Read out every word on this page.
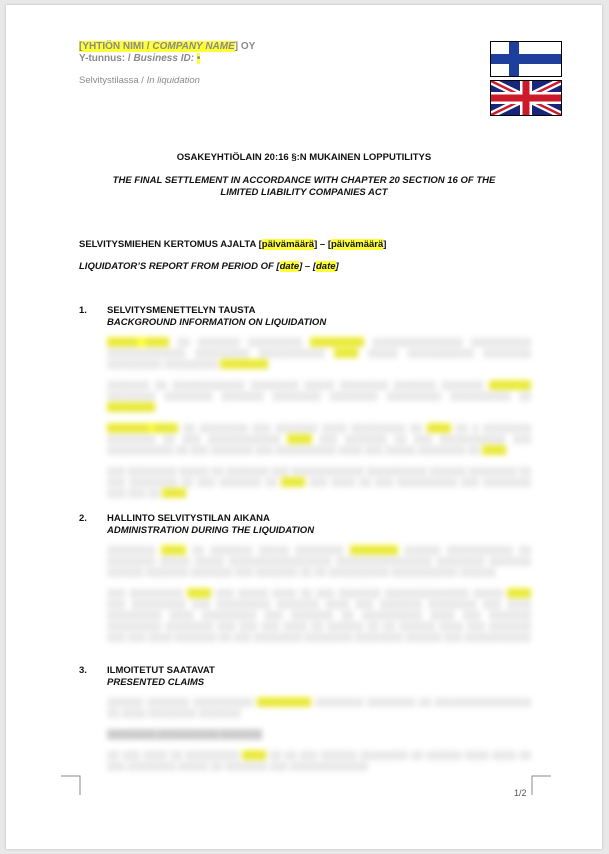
[YHTIÖN NIMI / COMPANY NAME] OY
Y-tunnus: / Business ID: •
Selvitystilassa / In liquidation
OSAKEYHTIÖLAIN 20:16 §:N MUKAINEN LOPPUTILITYS
THE FINAL SETTLEMENT IN ACCORDANCE WITH CHAPTER 20 SECTION 16 OF THE
LIMITED LIABILITY COMPANIES ACT
SELVITYSMIEHEN KERTOMUS AJALTA [päivämäärä] – [päivämäärä]
LIQUIDATOR’S REPORT FROM PERIOD OF [date] – [date]
1.	SELVITYSMENETTELYN TAUSTA
BACKGROUND INFORMATION ON LIQUIDATION

░░░░░ ░░░░ ░░ ░░░░░░░ ░░░░░░░░░ ░░░░░░░░░ ░░░░░░░░░░░░░░░ ░░░░░░░░░░ ░░░░░░░░░░░░░ ░░░░░░░░░ ░░░░░░░░░░░ ░░░░ ░░░░░ ░░░░░░░░░░░ ░░░░░░░░ ░░░░░░░░░ ░░░░░░░░░ ░░░░░░░░

░░░░░░░ ░░ ░░░░░░░░░░░░ ░░░░░░░░ ░░░░░ ░░░░░░░░ ░░░░░░░ ░░░░░░░ ░░░░░░░ ░░░░░░░░ ░░░░░░░░ ░░░░░░░ ░░░░░░░░ ░░░░░░░░ ░░░░░░░░░ ░░░░░░░░░░ ░░ ░░░░░░░░

░░░░░░░ ░░░░ ░░ ░░░░░░░░ ░░░ ░░░░░░░ ░░░░ ░░░░░░░░░ ░░ ░░░░ ░░ ░ ░░░░░░░░ ░░░░░░░░ ░░ ░░░ ░░░░░░░░░░░░ ░░░░ ░░░ ░░░░░░░ ░░ ░░░ ░░░░░░░░░░░ ░░░ ░░░░░░░░░░░ ░░ ░░░ ░░░░░░░ ░░░ ░░░░░░░░░░ ░░░░ ░░░ ░░░░░ ░░░░░░░░ ░░ ░░░░

░░░ ░░░░░░░░ ░░░░░ ░░ ░░░░░░░ ░░░ ░░░░░░░░░░░░ ░░░░░░░░░░ ░░░░░░ ░░░░░░░░ ░░ ░░░ ░░░░░░░░ ░░ ░░░ ░░░░░░░ ░░ ░░░░ ░░░ ░░░░ ░░ ░░░ ░░░░░░░░░░ ░░░ ░░░░░░░░ ░░░ ░░░ ░░ ░░░░

2.	HALLINTO SELVITYSTILAN AIKANA
ADMINISTRATION DURING THE LIQUIDATION

░░░░░░░░ ░░░░ ░░ ░░░░░░░ ░░░░░ ░░░░░░░░ ░░░░░░░░ ░░░░░░ ░░░░░░░░░░░ ░░ ░░░░░░░░ ░░░░░ ░░░░░ ░░░░░░░░░░░░░░░░░ ░░░░░░░░░░░░░░░░ ░░░░░░░░ ░░░░░░░ ░░░░░░ ░░░░░░░ ░░░░░░░ ░░░ ░░░░░░░ ░░ ░░ ░░░░░░░░░░ ░░░░░░░░░░░ ░░░░░░

░░░ ░░░░░░░░░ ░░░░ ░░░ ░░░░░ ░░░░ ░░ ░░░ ░░░░░░░ ░░░░░░░░░░░░░░ ░░░░░ ░░░░ ░░░ ░░░░░░░░░ ░░░ ░░░░░░░░░ ░░░░░░░ ░░░░ ░░░ ░░░░░░░ ░░░░░░░░ ░░░ ░░░░ ░░░░░░░░░ ░░░░ ░░░░░░░░░ ░░░ ░░░░░░░ ░░ ░░░░░░░░░░ ░░░░ ░░░ ░░░░░░░ ░░░░░░░░░ ░░░░░░░░ ░░░ ░░░ ░░░ ░░░░ ░░ ░░░░░░ ░░ ░░ ░░░░░░ ░░░░ ░░░ ░░░░░░░ ░░░ ░░░ ░░░░ ░░░░░░░ ░░ ░░░ ░░░░░░░░ ░░░░░░░░ ░░░░░░░░ ░░░░░░ ░░░ ░░░░░░░░░░░

3.	ILMOITETUT SAATAVAT
PRESENTED CLAIMS

░░░░░░ ░░░░░░░ ░░░░░░░░░░ ░░░░░░░░░ ░░░░░░░░ ░░░░░░░░ ░░ ░░░░░░░░░░░░░░░░ ░░ ░░░░ ░░░░░░░░ ░░░░░░░

░░░░░░░░ ░░░░░░░░░░ ░░░░░░░

░░ ░░░ ░░░░ ░░ ░░░░░░░░░ ░░░░ ░░ ░░ ░░░ ░░░░░░ ░░░░░░░░ ░░ ░░░░░░ ░░░░ ░░░░ ░░ ░░░ ░░░░░░░░ ░░░░░ ░░ ░░░░░░░ ░░░ ░░░░░░░░░░░░░

1/2
